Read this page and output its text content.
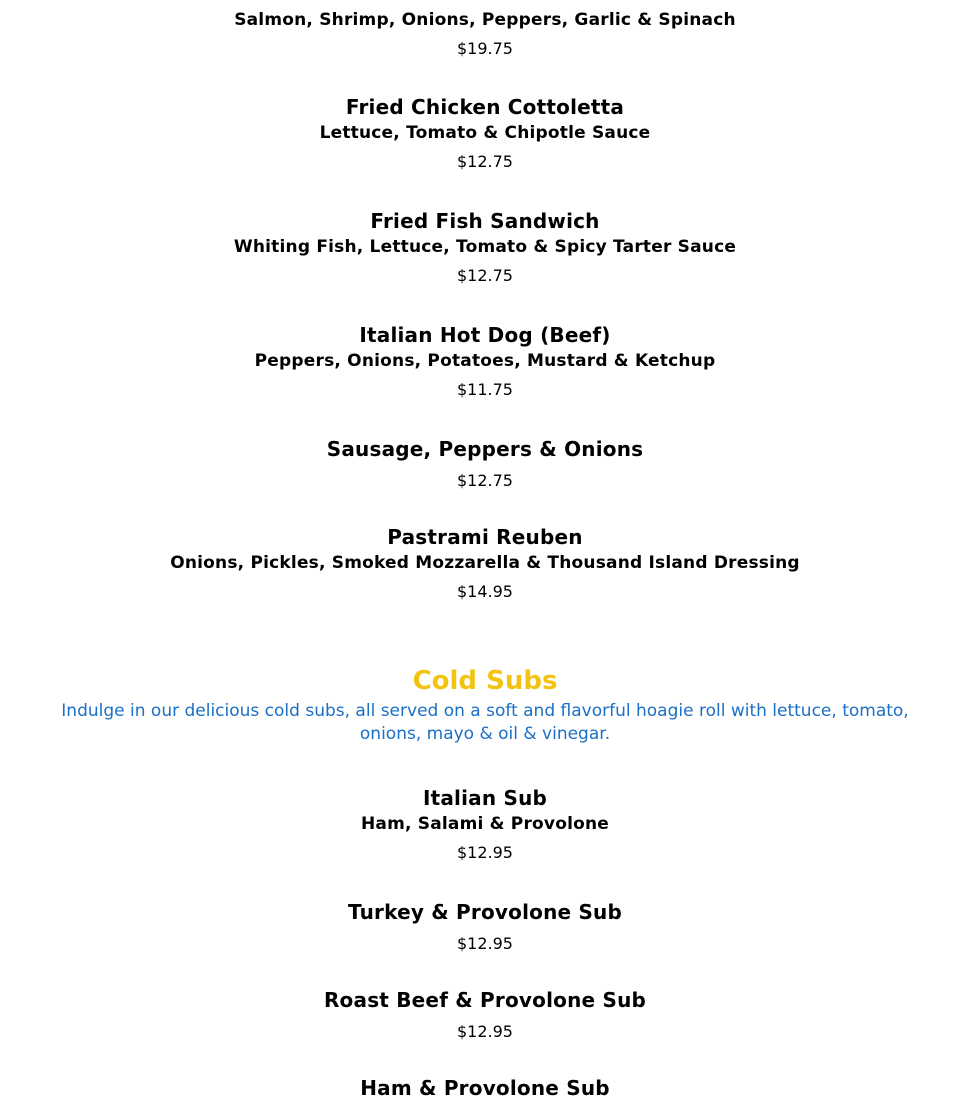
Salmon, Shrimp, Onions, Peppers, Garlic & Spinach
$19.75
Fried Chicken Cottoletta
Lettuce, Tomato & Chipotle Sauce
$12.75
Fried Fish Sandwich
Whiting Fish, Lettuce, Tomato & Spicy Tarter Sauce
$12.75
Italian Hot Dog (Beef)
Peppers, Onions, Potatoes, Mustard & Ketchup
$11.75
Sausage, Peppers & Onions
$12.75
Pastrami Reuben
Onions, Pickles, Smoked Mozzarella & Thousand Island Dressing
$14.95
Cold Subs
Indulge in our delicious cold subs, all served on a soft and flavorful hoagie roll with lettuce, tomato, onions, mayo & oil & vinegar.
Italian Sub
Ham, Salami & Provolone
$12.95
Turkey & Provolone Sub
$12.95
Roast Beef & Provolone Sub
$12.95
Ham & Provolone Sub
